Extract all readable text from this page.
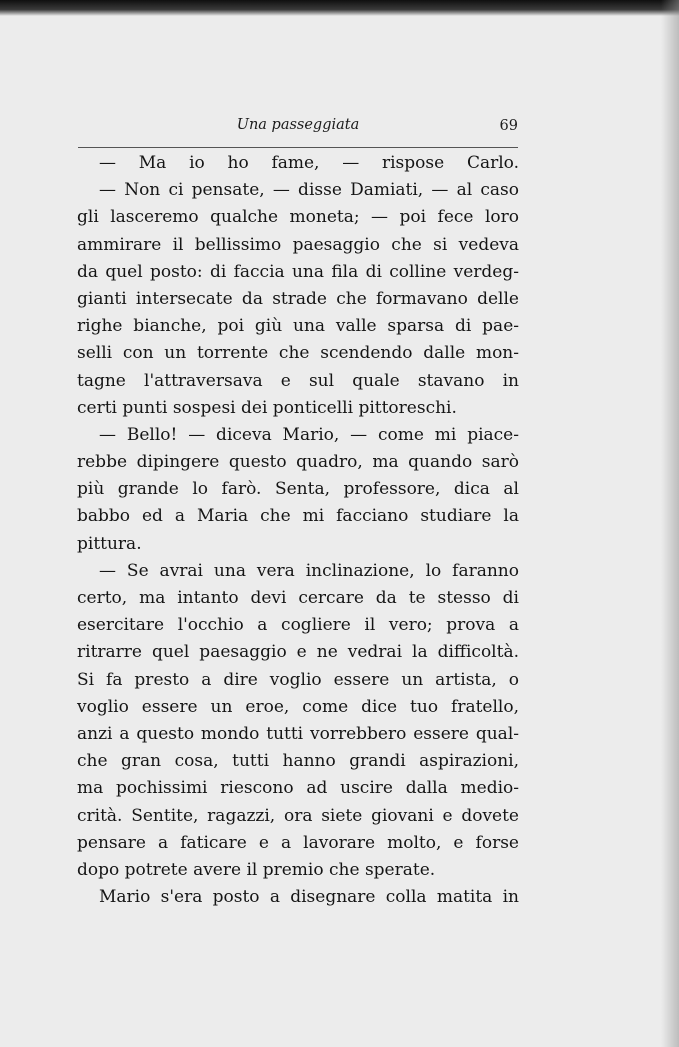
Una passeggiata	69
— Ma io ho fame, — rispose Carlo.
— Non ci pensate, — disse Damiati, — al caso
gli lasceremo qualche moneta; — poi fece loro
ammirare il bellissimo paesaggio che si vedeva
da quel posto: di faccia una fila di colline verdeg-
gianti intersecate da strade che formavano delle
righe bianche, poi giù una valle sparsa di pae-
selli con un torrente che scendendo dalle mon-
tagne l'attraversava e sul quale stavano in
certi punti sospesi dei ponticelli pittoreschi.
— Bello! — diceva Mario, — come mi piace-
rebbe dipingere questo quadro, ma quando sarò
più grande lo farò. Senta, professore, dica al
babbo ed a Maria che mi facciano studiare la
pittura.
— Se avrai una vera inclinazione, lo faranno
certo, ma intanto devi cercare da te stesso di
esercitare l'occhio a cogliere il vero; prova a
ritrarre quel paesaggio e ne vedrai la difficoltà.
Si fa presto a dire voglio essere un artista, o
voglio essere un eroe, come dice tuo fratello,
anzi a questo mondo tutti vorrebbero essere qual-
che gran cosa, tutti hanno grandi aspirazioni,
ma pochissimi riescono ad uscire dalla medio-
crità. Sentite, ragazzi, ora siete giovani e dovete
pensare a faticare e a lavorare molto, e forse
dopo potrete avere il premio che sperate.
Mario s'era posto a disegnare colla matita in
